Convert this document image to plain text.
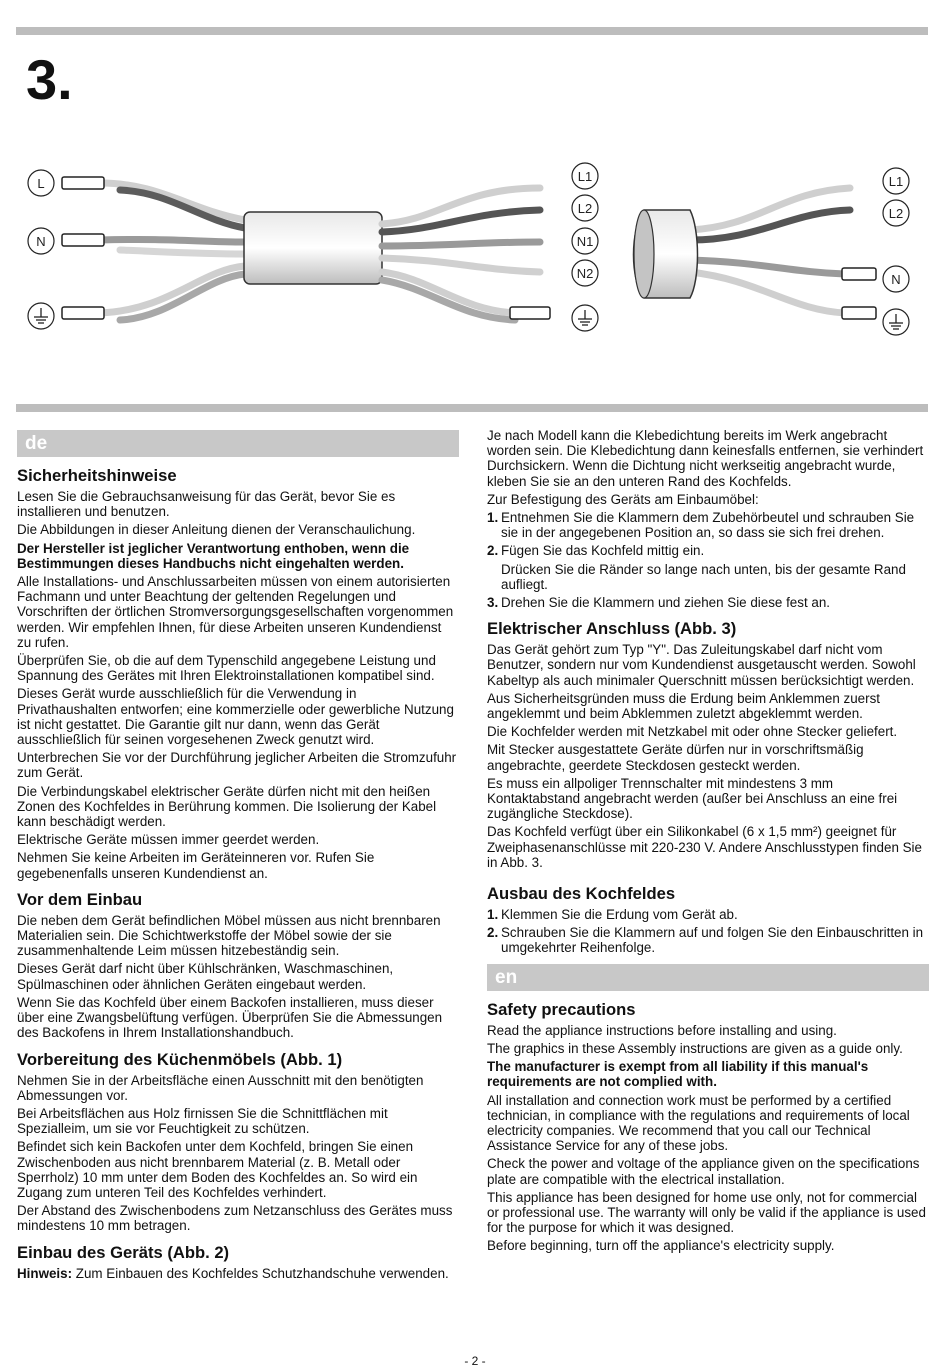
3.
L
N
L1
L2
N1
N2
L1
L2
N
de
Sicherheitshinweise

Lesen Sie die Gebrauchsanweisung für das Gerät, bevor Sie es installieren und benutzen.

Die Abbildungen in dieser Anleitung dienen der Veranschaulichung.

Der Hersteller ist jeglicher Verantwortung enthoben, wenn die Bestimmungen dieses Handbuchs nicht eingehalten werden.

Alle Installations- und Anschlussarbeiten müssen von einem autorisierten Fachmann und unter Beachtung der geltenden Regelungen und Vorschriften der örtlichen Stromversorgungsgesellschaften vorgenommen werden. Wir empfehlen Ihnen, für diese Arbeiten unseren Kundendienst zu rufen.

Überprüfen Sie, ob die auf dem Typenschild angegebene Leistung und Spannung des Gerätes mit Ihren Elektroinstallationen kompatibel sind.

Dieses Gerät wurde ausschließlich für die Verwendung in Privathaushalten entworfen; eine kommerzielle oder gewerbliche Nutzung ist nicht gestattet. Die Garantie gilt nur dann, wenn das Gerät ausschließlich für seinen vorgesehenen Zweck genutzt wird.

Unterbrechen Sie vor der Durchführung jeglicher Arbeiten die Stromzufuhr zum Gerät.

Die Verbindungskabel elektrischer Geräte dürfen nicht mit den heißen Zonen des Kochfeldes in Berührung kommen. Die Isolierung der Kabel kann beschädigt werden.

Elektrische Geräte müssen immer geerdet werden.

Nehmen Sie keine Arbeiten im Geräteinneren vor. Rufen Sie gegebenenfalls unseren Kundendienst an.

Vor dem Einbau

Die neben dem Gerät befindlichen Möbel müssen aus nicht brennbaren Materialien sein. Die Schichtwerkstoffe der Möbel sowie der sie zusammenhaltende Leim müssen hitzebeständig sein.

Dieses Gerät darf nicht über Kühlschränken, Waschmaschinen, Spülmaschinen oder ähnlichen Geräten eingebaut werden.

Wenn Sie das Kochfeld über einem Backofen installieren, muss dieser über eine Zwangsbelüftung verfügen. Überprüfen Sie die Abmessungen des Backofens in Ihrem Installationshandbuch.

Vorbereitung des Küchenmöbels (Abb. 1)

Nehmen Sie in der Arbeitsfläche einen Ausschnitt mit den benötigten Abmessungen vor.

Bei Arbeitsflächen aus Holz firnissen Sie die Schnittflächen mit Spezialleim, um sie vor Feuchtigkeit zu schützen.

Befindet sich kein Backofen unter dem Kochfeld, bringen Sie einen Zwischenboden aus nicht brennbarem Material (z. B. Metall oder Sperrholz) 10 mm unter dem Boden des Kochfeldes an. So wird ein Zugang zum unteren Teil des Kochfeldes verhindert.

Der Abstand des Zwischenbodens zum Netzanschluss des Gerätes muss mindestens 10 mm betragen.

Einbau des Geräts (Abb. 2)

Hinweis: Zum Einbauen des Kochfeldes Schutzhandschuhe verwenden.

Je nach Modell kann die Klebedichtung bereits im Werk angebracht worden sein. Die Klebedichtung dann keinesfalls entfernen, sie verhindert Durchsickern. Wenn die Dichtung nicht werkseitig angebracht wurde, kleben Sie sie an den unteren Rand des Kochfelds.

Zur Befestigung des Geräts am Einbaumöbel:

1. Entnehmen Sie die Klammern dem Zubehörbeutel und schrauben Sie sie in der angegebenen Position an, so dass sie sich frei drehen.
2. Fügen Sie das Kochfeld mittig ein.
Drücken Sie die Ränder so lange nach unten, bis der gesamte Rand aufliegt.
3. Drehen Sie die Klammern und ziehen Sie diese fest an.
Elektrischer Anschluss (Abb. 3)

Das Gerät gehört zum Typ "Y". Das Zuleitungskabel darf nicht vom Benutzer, sondern nur vom Kundendienst ausgetauscht werden. Sowohl Kabeltyp als auch minimaler Querschnitt müssen berücksichtigt werden.

Aus Sicherheitsgründen muss die Erdung beim Anklemmen zuerst angeklemmt und beim Abklemmen zuletzt abgeklemmt werden.

Die Kochfelder werden mit Netzkabel mit oder ohne Stecker geliefert.

Mit Stecker ausgestattete Geräte dürfen nur in vorschriftsmäßig angebrachte, geerdete Steckdosen gesteckt werden.

Es muss ein allpoliger Trennschalter mit mindestens 3 mm Kontaktabstand angebracht werden (außer bei Anschluss an eine frei zugängliche Steckdose).

Das Kochfeld verfügt über ein Silikonkabel (6 x 1,5 mm²) geeignet für Zweiphasenanschlüsse mit 220-230 V. Andere Anschlusstypen finden Sie in Abb. 3.

Ausbau des Kochfeldes
1. Klemmen Sie die Erdung vom Gerät ab.
2. Schrauben Sie die Klammern auf und folgen Sie den Einbauschritten in umgekehrter Reihenfolge.
en
Safety precautions

Read the appliance instructions before installing and using.

The graphics in these Assembly instructions are given as a guide only.

The manufacturer is exempt from all liability if this manual's requirements are not complied with.

All installation and connection work must be performed by a certified technician, in compliance with the regulations and requirements of local electricity companies. We recommend that you call our Technical Assistance Service for any of these jobs.

Check the power and voltage of the appliance given on the specifications plate are compatible with the electrical installation.

This appliance has been designed for home use only, not for commercial or professional use. The warranty will only be valid if the appliance is used for the purpose for which it was designed.

Before beginning, turn off the appliance's electricity supply.

- 2 -
